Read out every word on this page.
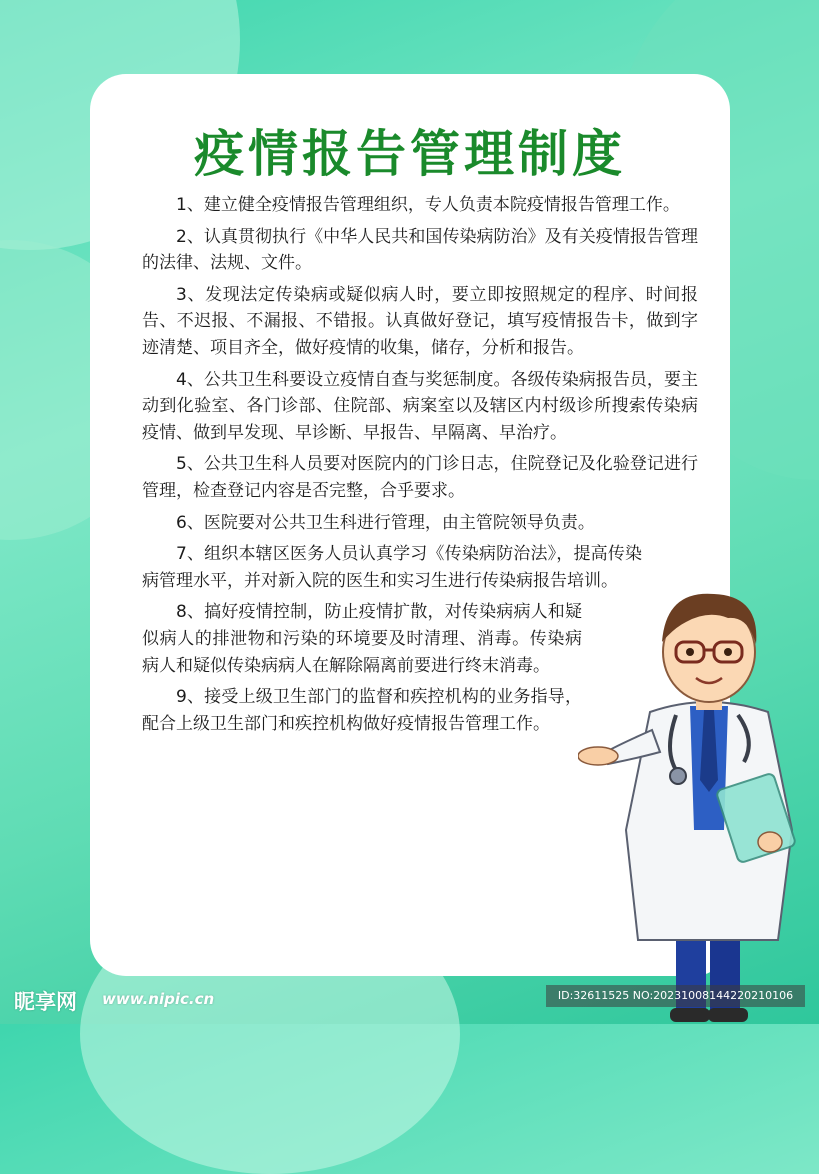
疫情报告管理制度

1、建立健全疫情报告管理组织，专人负责本院疫情报告管理工作。

2、认真贯彻执行《中华人民共和国传染病防治》及有关疫情报告管理的法律、法规、文件。

3、发现法定传染病或疑似病人时，要立即按照规定的程序、时间报告、不迟报、不漏报、不错报。认真做好登记，填写疫情报告卡，做到字迹清楚、项目齐全，做好疫情的收集，储存，分析和报告。

4、公共卫生科要设立疫情自查与奖惩制度。各级传染病报告员，要主动到化验室、各门诊部、住院部、病案室以及辖区内村级诊所搜索传染病疫情、做到早发现、早诊断、早报告、早隔离、早治疗。

5、公共卫生科人员要对医院内的门诊日志，住院登记及化验登记进行管理，检查登记内容是否完整，合乎要求。

6、医院要对公共卫生科进行管理，由主管院领导负责。

7、组织本辖区医务人员认真学习《传染病防治法》，提高传染病管理水平，并对新入院的医生和实习生进行传染病报告培训。

8、搞好疫情控制，防止疫情扩散，对传染病病人和疑似病人的排泄物和污染的环境要及时清理、消毒。传染病病人和疑似传染病病人在解除隔离前要进行终末消毒。

9、接受上级卫生部门的监督和疾控机构的业务指导，配合上级卫生部门和疾控机构做好疫情报告管理工作。

昵享网 www.nipic.cn	ID:32611525 NO:20231008144220210106
